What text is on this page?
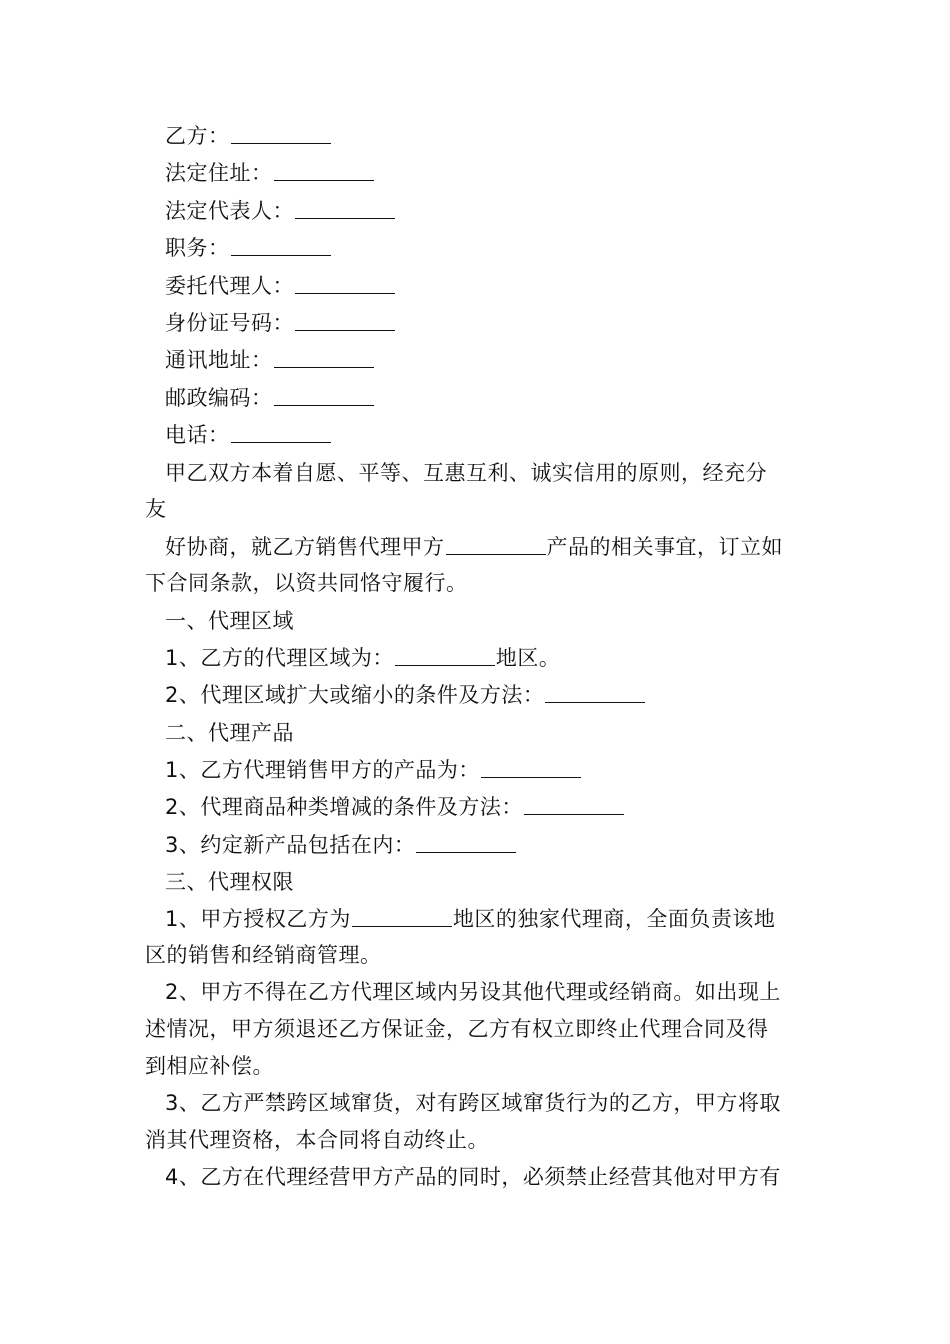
乙方：
法定住址：
法定代表人：
职务：
委托代理人：
身份证号码：
通讯地址：
邮政编码：
电话：
甲乙双方本着自愿、平等、互惠互利、诚实信用的原则，经充分
友
好协商，就乙方销售代理甲方	产品的相关事宜，订立如
下合同条款，以资共同恪守履行。
一、代理区域
1、乙方的代理区域为：	地区。
2、代理区域扩大或缩小的条件及方法：
二、代理产品
1、乙方代理销售甲方的产品为：
2、代理商品种类增减的条件及方法：
3、约定新产品包括在内：
三、代理权限
1、甲方授权乙方为	地区的独家代理商，全面负责该地
区的销售和经销商管理。
2、甲方不得在乙方代理区域内另设其他代理或经销商。如出现上
述情况，甲方须退还乙方保证金，乙方有权立即终止代理合同及得
到相应补偿。
3、乙方严禁跨区域窜货，对有跨区域窜货行为的乙方，甲方将取
消其代理资格，本合同将自动终止。
4、乙方在代理经营甲方产品的同时，必须禁止经营其他对甲方有
